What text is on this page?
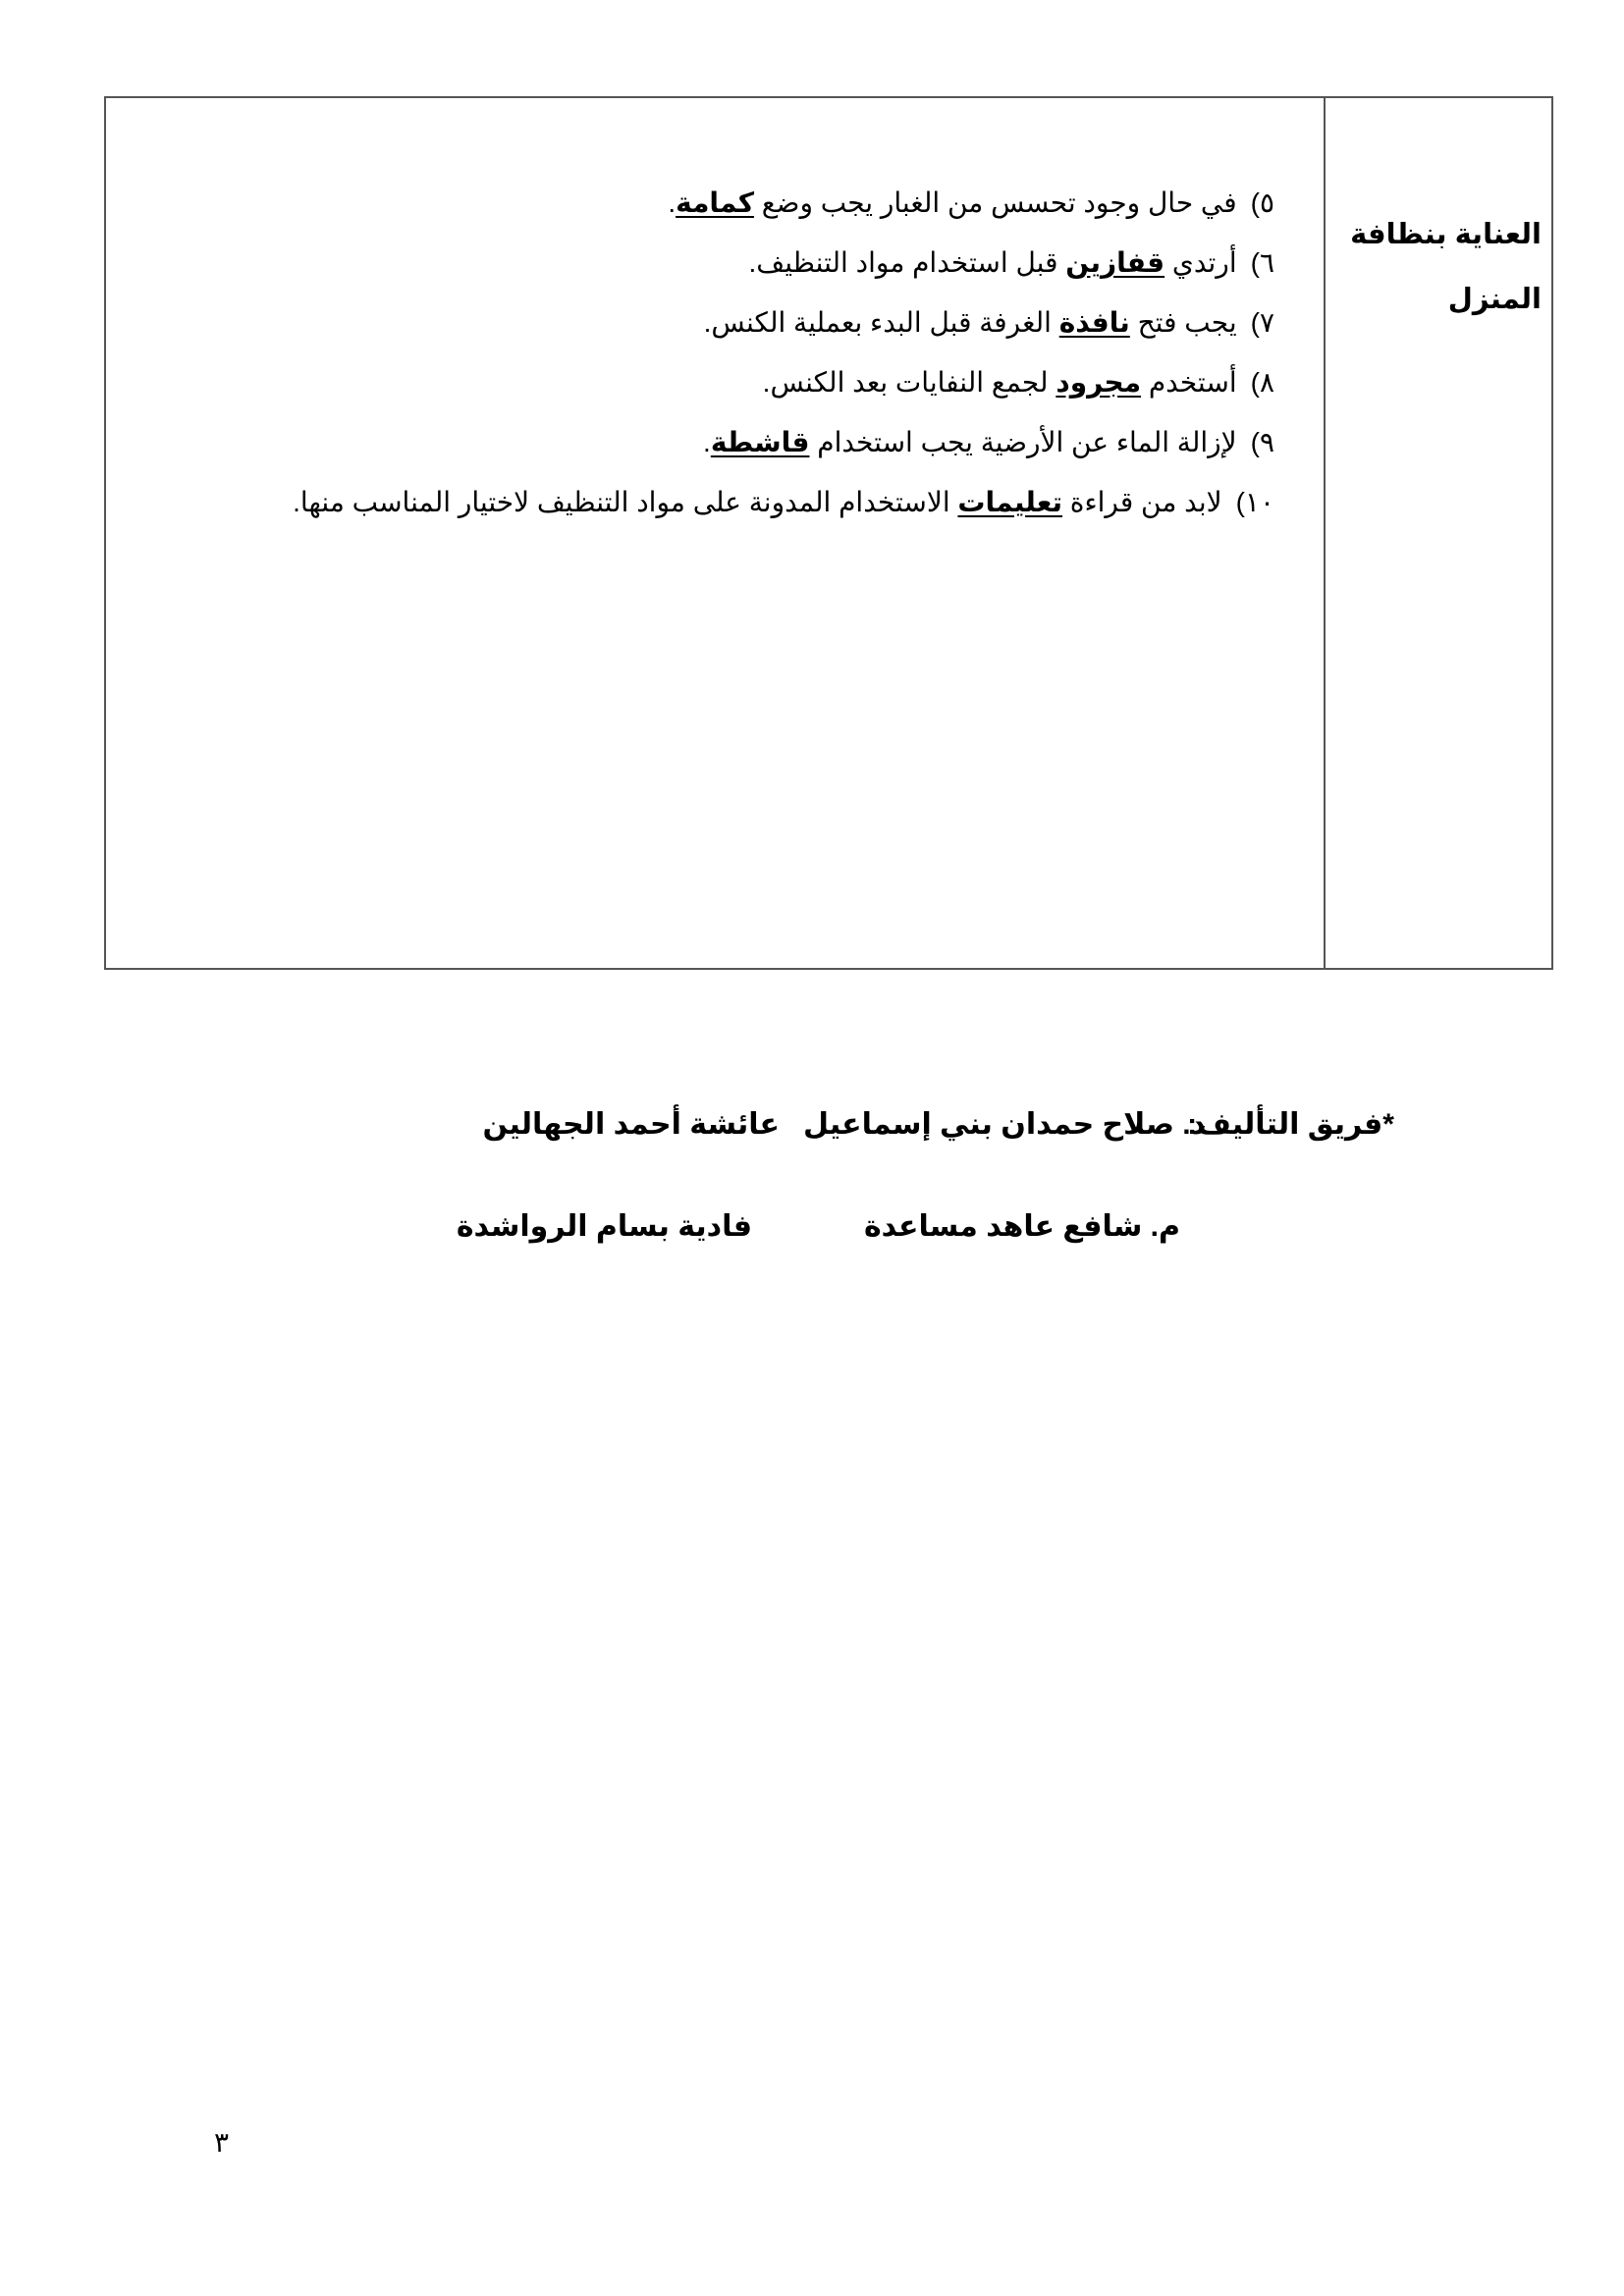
العناية بنظافة
المنزل
٥)في حال وجود تحسس من الغبار يجب وضع كمامة.
٦)أرتدي قفازين قبل استخدام مواد التنظيف.
٧)يجب فتح نافذة الغرفة قبل البدء بعملية الكنس.
٨)أستخدم مجرود لجمع النفايات بعد الكنس.
٩)لإزالة الماء عن الأرضية يجب استخدام قاشطة.
١٠)لابد من قراءة تعليمات الاستخدام المدونة على مواد التنظيف لاختيار المناسب منها.
*فريق التأليف:
د. صلاح حمدان بني إسماعيل
عائشة أحمد الجهالين
م. شافع عاهد مساعدة
فادية بسام الرواشدة
٣
